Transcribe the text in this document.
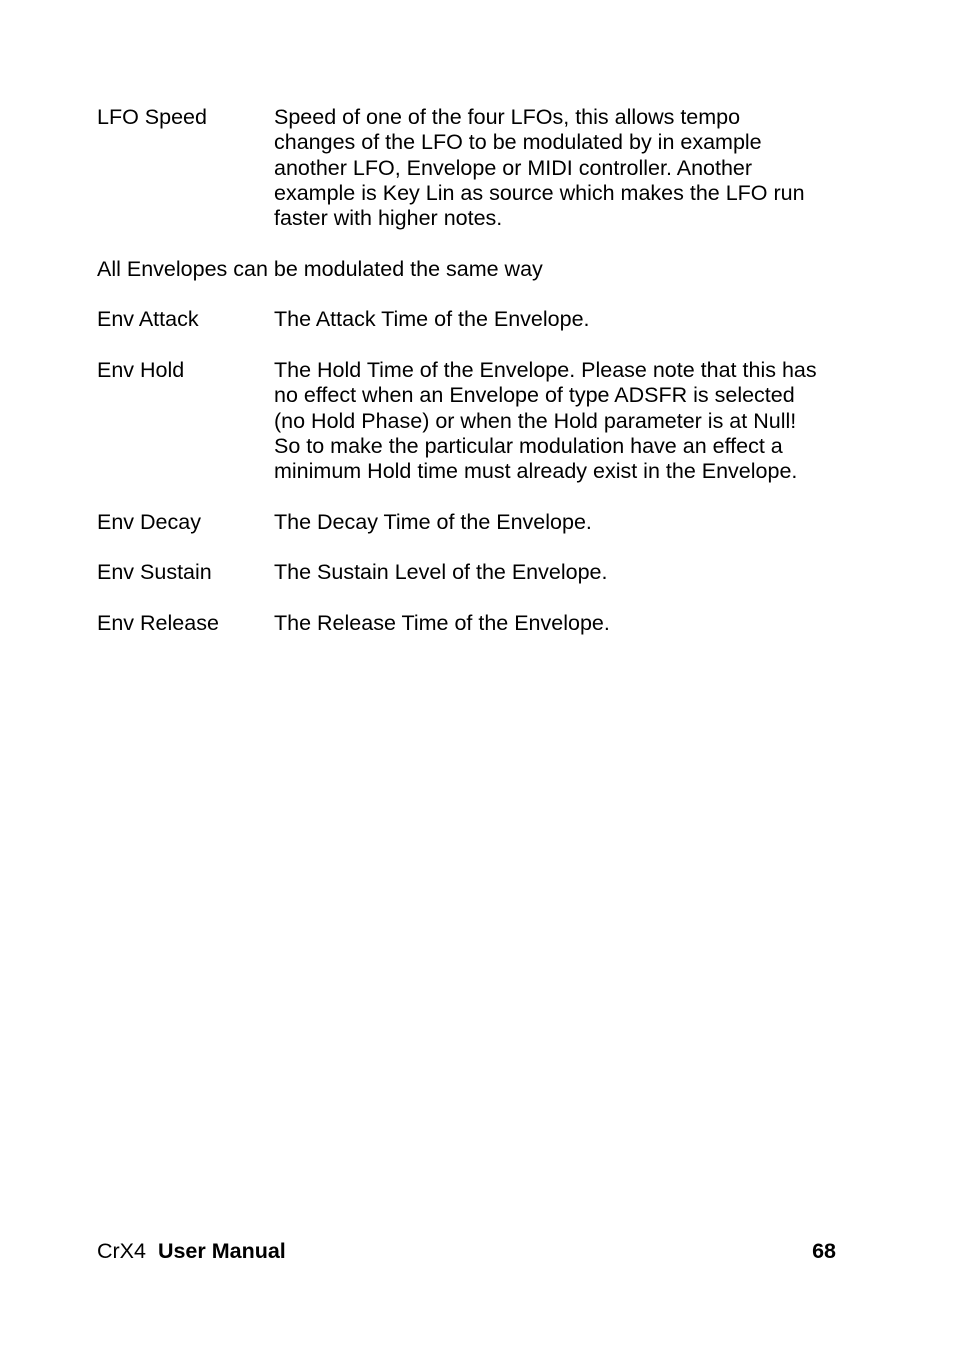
LFO Speed	Speed of one of the four LFOs, this allows tempo
changes of the LFO to be modulated by in example
another LFO, Envelope or MIDI controller. Another
example is Key Lin as source which makes the LFO run
faster with higher notes.
All Envelopes can be modulated the same way
Env Attack	The Attack Time of the Envelope.
Env Hold	The Hold Time of the Envelope. Please note that this has
no effect when an Envelope of type ADSFR is selected
(no Hold Phase) or when the Hold parameter is at Null!
So to make the particular modulation have an effect a
minimum Hold time must already exist in the Envelope.
Env Decay	The Decay Time of the Envelope.
Env Sustain	The Sustain Level of the Envelope.
Env Release	The Release Time of the Envelope.
CrX4 User Manual	68
